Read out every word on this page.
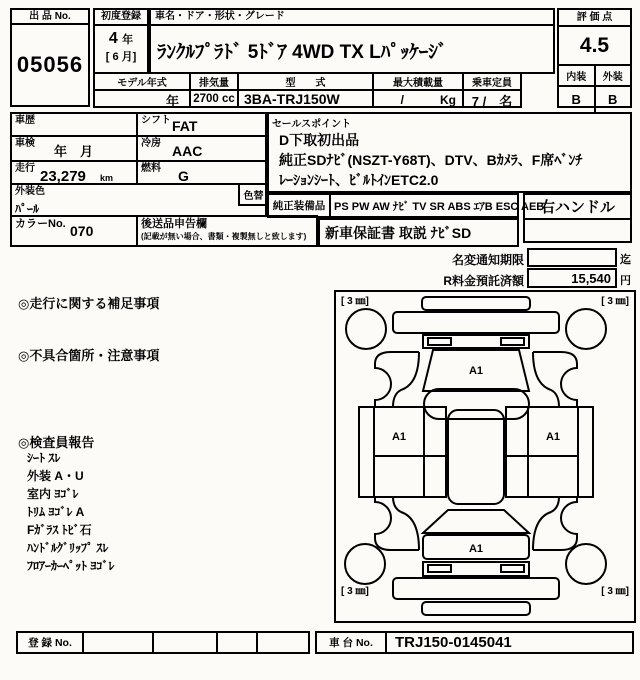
出 品 No.
05056
初度登録
4 年
[ 6 月]
車名・ドア・形状・グレード
ﾗﾝｸﾙﾌﾟﾗﾄﾞ 5ﾄﾞｱ 4WD TX Lﾊﾟｯｹｰｼﾞ
モデル年式
年
排気量
2700 cc
型　　式
3BA-TRJ150W
最大積載量
/　　　Kg
乗車定員
7 /　名
評 価 点
4.5
内装 外装
B B
車歴	シフト FAT
車検
年　月
冷房 AAC
走行 23,279 km
燃料 G
外装色
ﾊﾟｰﾙ
色替
カラーNo. 070	後送品申告欄
(記載が無い場合、書類・複製無しと致します)
セールスポイント
D下取初出品
純正SDﾅﾋﾞ(NSZT-Y68T)、DTV、Bｶﾒﾗ、F席ﾍﾞﾝﾁ
ﾚｰｼｮﾝｼｰﾄ、ﾋﾞﾙﾄｲﾝETC2.0
純正装備品 PS PW AW ﾅﾋﾞ TV SR ABS ｴｱB ESC AEB
右ハンドル
新車保証書 取説 ﾅﾋﾞSD
名変通知期限	迄
R料金預託済額	15,540 円
◎走行に関する補足事項
◎不具合箇所・注意事項
◎検査員報告
ｼｰﾄ ｽﾚ
外装 A・U
室内 ﾖｺﾞﾚ
ﾄﾘﾑ ﾖｺﾞﾚ A
Fｶﾞﾗｽ ﾄﾋﾞ石
ﾊﾝﾄﾞﾙｸﾞﾘｯﾌﾟ ｽﾚ
ﾌﾛｱｰｶｰﾍﾟｯﾄ ﾖｺﾞﾚ
[ 3 ㎜]	[ 3 ㎜]
[ 3 ㎜]	[ 3 ㎜]
A1
A1	A1
A1
登 録 No.	車 台 No. TRJ150-0145041
